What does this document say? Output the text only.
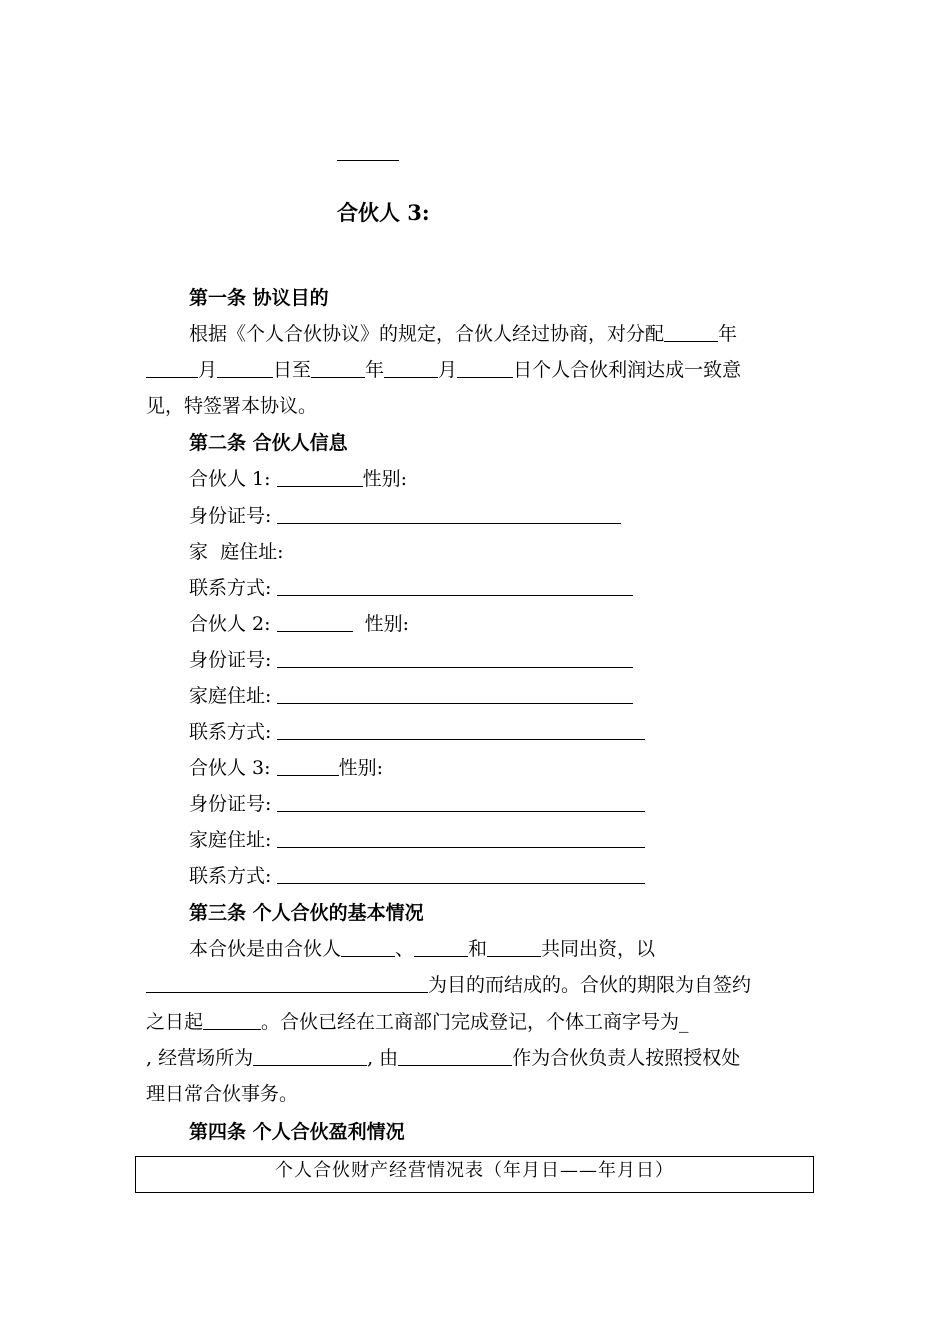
合伙人 3:
第一条 协议目的
根据《个人合伙协议》的规定，合伙人经过协商，对分配	年
月	日至	年	月	日个人合伙利润达成一致意
见，特签署本协议。
第二条 合伙人信息
合伙人 1:	性别:
身份证号:
家  庭住址:
联系方式:
合伙人 2:	性别:
身份证号:
家庭住址:
联系方式:
合伙人 3:	性别:
身份证号:
家庭住址:
联系方式:
第三条 个人合伙的基本情况
本合伙是由合伙人	、	和	共同出资，以
为目的而结成的。合伙的期限为自签约
之日起	。合伙已经在工商部门完成登记，个体工商字号为_
, 经营场所为	, 由	作为合伙负责人按照授权处
理日常合伙事务。
第四条 个人合伙盈利情况
个人合伙财产经营情况表（年月日——年月日）
